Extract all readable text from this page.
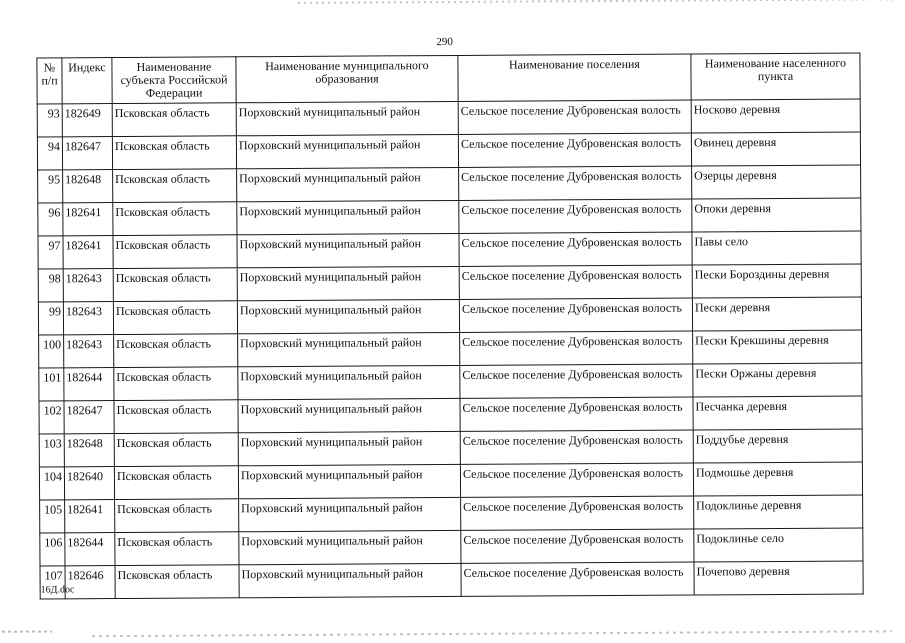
290
№ п/п	Индекс	Наименование субъекта Российской Федерации	Наименование муниципального образования	Наименование поселения	Наименование населенного пункта
93	182649	Псковская область	Порховский муниципальный район	Сельское поселение Дубровенская волость	Носково деревня
94	182647	Псковская область	Порховский муниципальный район	Сельское поселение Дубровенская волость	Овинец деревня
95	182648	Псковская область	Порховский муниципальный район	Сельское поселение Дубровенская волость	Озерцы деревня
96	182641	Псковская область	Порховский муниципальный район	Сельское поселение Дубровенская волость	Опоки деревня
97	182641	Псковская область	Порховский муниципальный район	Сельское поселение Дубровенская волость	Павы село
98	182643	Псковская область	Порховский муниципальный район	Сельское поселение Дубровенская волость	Пески Бороздины деревня
99	182643	Псковская область	Порховский муниципальный район	Сельское поселение Дубровенская волость	Пески деревня
100	182643	Псковская область	Порховский муниципальный район	Сельское поселение Дубровенская волость	Пески Крекшины деревня
101	182644	Псковская область	Порховский муниципальный район	Сельское поселение Дубровенская волость	Пески Оржаны деревня
102	182647	Псковская область	Порховский муниципальный район	Сельское поселение Дубровенская волость	Песчанка деревня
103	182648	Псковская область	Порховский муниципальный район	Сельское поселение Дубровенская волость	Поддубье деревня
104	182640	Псковская область	Порховский муниципальный район	Сельское поселение Дубровенская волость	Подмошье деревня
105	182641	Псковская область	Порховский муниципальный район	Сельское поселение Дубровенская волость	Подоклинье деревня
106	182644	Псковская область	Порховский муниципальный район	Сельское поселение Дубровенская волость	Подоклинье село
107	182646	Псковская область	Порховский муниципальный район	Сельское поселение Дубровенская волость	Почепово деревня
16Д.doc
